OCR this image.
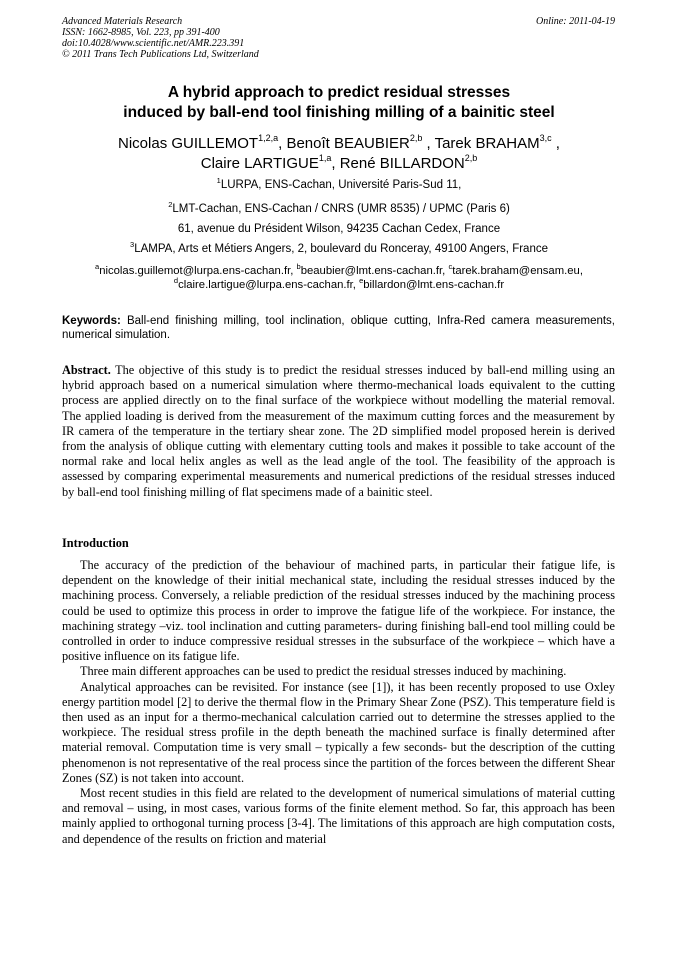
Advanced Materials Research
ISSN: 1662-8985, Vol. 223, pp 391-400
doi:10.4028/www.scientific.net/AMR.223.391
© 2011 Trans Tech Publications Ltd, Switzerland
Online: 2011-04-19
A hybrid approach to predict residual stresses
induced by ball-end tool finishing milling of a bainitic steel
Nicolas GUILLEMOT$^{1,2,a}$, Benoît BEAUBIER$^{2,b}$ , Tarek BRAHAM$^{3,c}$ ,
Claire LARTIGUE$^{1,a}$, René BILLARDON$^{2,b}$
$^1$LURPA, ENS-Cachan, Université Paris-Sud 11,
$^2$LMT-Cachan, ENS-Cachan / CNRS (UMR 8535) / UPMC (Paris 6)
61, avenue du Président Wilson, 94235 Cachan Cedex, France
$^3$LAMPA, Arts et Métiers Angers, 2, boulevard du Ronceray, 49100 Angers, France
$^a$nicolas.guillemot@lurpa.ens-cachan.fr, $^b$beaubier@lmt.ens-cachan.fr, $^c$tarek.braham@ensam.eu,
$^d$claire.lartigue@lurpa.ens-cachan.fr, $^e$billardon@lmt.ens-cachan.fr
Keywords: Ball-end finishing milling, tool inclination, oblique cutting, Infra-Red camera measurements, numerical simulation.

Abstract. The objective of this study is to predict the residual stresses induced by ball-end milling using an hybrid approach based on a numerical simulation where thermo-mechanical loads equivalent to the cutting process are applied directly on to the final surface of the workpiece without modelling the material removal. The applied loading is derived from the measurement of the maximum cutting forces and the measurement by IR camera of the temperature in the tertiary shear zone. The 2D simplified model proposed herein is derived from the analysis of oblique cutting with elementary cutting tools and makes it possible to take account of the normal rake and local helix angles as well as the lead angle of the tool. The feasibility of the approach is assessed by comparing experimental measurements and numerical predictions of the residual stresses induced by ball-end tool finishing milling of flat specimens made of a bainitic steel.

Introduction

The accuracy of the prediction of the behaviour of machined parts, in particular their fatigue life, is dependent on the knowledge of their initial mechanical state, including the residual stresses induced by the machining process. Conversely, a reliable prediction of the residual stresses induced by the machining process could be used to optimize this process in order to improve the fatigue life of the workpiece. For instance, the machining strategy –viz. tool inclination and cutting parameters- during finishing ball-end tool milling could be controlled in order to induce compressive residual stresses in the subsurface of the workpiece – which have a positive influence on its fatigue life.

Three main different approaches can be used to predict the residual stresses induced by machining.

Analytical approaches can be revisited. For instance (see [1]), it has been recently proposed to use Oxley energy partition model [2] to derive the thermal flow in the Primary Shear Zone (PSZ). This temperature field is then used as an input for a thermo-mechanical calculation carried out to determine the stresses applied to the workpiece. The residual stress profile in the depth beneath the machined surface is finally determined after material removal. Computation time is very small – typically a few seconds- but the description of the cutting phenomenon is not representative of the real process since the partition of the forces between the different Shear Zones (SZ) is not taken into account.

Most recent studies in this field are related to the development of numerical simulations of material cutting and removal – using, in most cases, various forms of the finite element method. So far, this approach has been mainly applied to orthogonal turning process [3-4]. The limitations of this approach are high computation costs, and dependence of the results on friction and material
